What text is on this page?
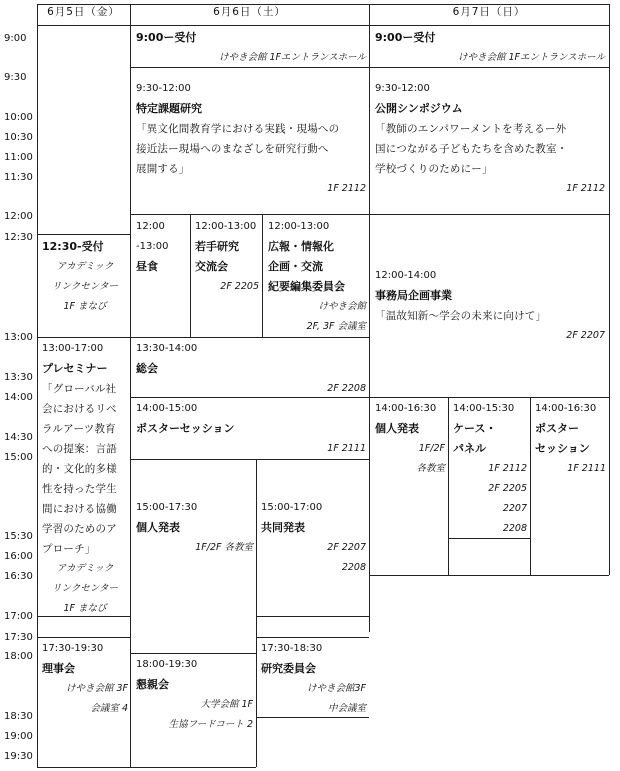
6月5日（金）	6月6日（土）	6月7日（日）
9:00
9:30
10:00
10:30
11:00
11:30
12:00
12:30
13:00
13:30
14:00
14:30
15:00
15:30
16:00
16:30
17:00
17:30
18:00
18:30
19:00
19:30
9:00ー受付
けやき会館 1Fエントランスホール
9:00ー受付
けやき会館 1Fエントランスホール
9:30-12:00
特定課題研究
「異文化間教育学における実践・現場への
接近法ー現場へのまなざしを研究行動へ
展開する」
1F 2112
9:30-12:00
公開シンポジウム
「教師のエンパワーメントを考えるー外
国につながる子どもたちを含めた教室・
学校づくりのためにー」
1F 2112
12:00
-13:00
昼食
12:00-13:00
若手研究
交流会
2F 2205
12:00-13:00
広報・情報化
企画・交流
紀要編集委員会
けやき会館
2F, 3F 会議室
12:00-14:00
事務局企画事業
「温故知新〜学会の未来に向けて」
2F 2207
12:30-受付
アカデミック
リンクセンター
1F まなび
13:00-17:00
プレセミナー
「グローバル社
会におけるリベ
ラルアーツ教育
への提案：言語
的・文化的多様
性を持った学生
間における協働
学習のためのア
プローチ」
アカデミック
リンクセンター
1F まなび
13:30-14:00
総会
2F 2208
14:00-15:00
ポスターセッション
1F 2111
14:00-16:30
個人発表
1F/2F
各教室
14:00-15:30
ケース・
パネル
1F 2112
2F 2205
2207
2208
14:00-16:30
ポスター
セッション
1F 2111
15:00-17:30
個人発表
1F/2F 各教室
15:00-17:00
共同発表
2F 2207
2208
17:30-19:30
理事会
けやき会館 3F
会議室 4
17:30-18:30
研究委員会
けやき会館3F
中会議室
18:00-19:30
懇親会
大学会館 1F
生協フードコート 2
